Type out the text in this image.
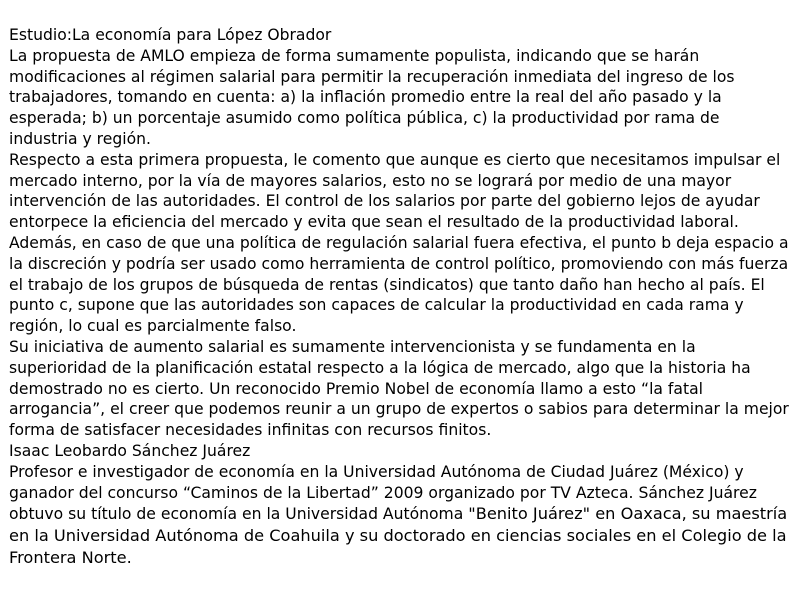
Estudio:La economía para López Obrador

La propuesta de AMLO empieza de forma sumamente populista, indicando que se harán modificaciones al régimen salarial para permitir la recuperación inmediata del ingreso de los trabajadores, tomando en cuenta: a) la inflación promedio entre la real del año pasado y la esperada; b) un porcentaje asumido como política pública, c) la productividad por rama de industria y región.

Respecto a esta primera propuesta, le comento que aunque es cierto que necesitamos impulsar el mercado interno, por la vía de mayores salarios, esto no se logrará por medio de una mayor intervención de las autoridades. El control de los salarios por parte del gobierno lejos de ayudar entorpece la eficiencia del mercado y evita que sean el resultado de la productividad laboral. Además, en caso de que una política de regulación salarial fuera efectiva, el punto b deja espacio a la discreción y podría ser usado como herramienta de control político, promoviendo con más fuerza el trabajo de los grupos de búsqueda de rentas (sindicatos) que tanto daño han hecho al país. El punto c, supone que las autoridades son capaces de calcular la productividad en cada rama y región, lo cual es parcialmente falso.

Su iniciativa de aumento salarial es sumamente intervencionista y se fundamenta en la superioridad de la planificación estatal respecto a la lógica de mercado, algo que la historia ha demostrado no es cierto. Un reconocido Premio Nobel de economía llamo a esto “la fatal arrogancia”, el creer que podemos reunir a un grupo de expertos o sabios para determinar la mejor forma de satisfacer necesidades infinitas con recursos finitos.

Isaac Leobardo Sánchez Juárez

Profesor e investigador de economía en la Universidad Autónoma de Ciudad Juárez (México) y ganador del concurso “Caminos de la Libertad” 2009 organizado por TV Azteca. Sánchez Juárez obtuvo su título de economía en la Universidad Autónoma "Benito Juárez" en Oaxaca, su maestría en la Universidad Autónoma de Coahuila y su doctorado en ciencias sociales en el Colegio de la Frontera Norte.
